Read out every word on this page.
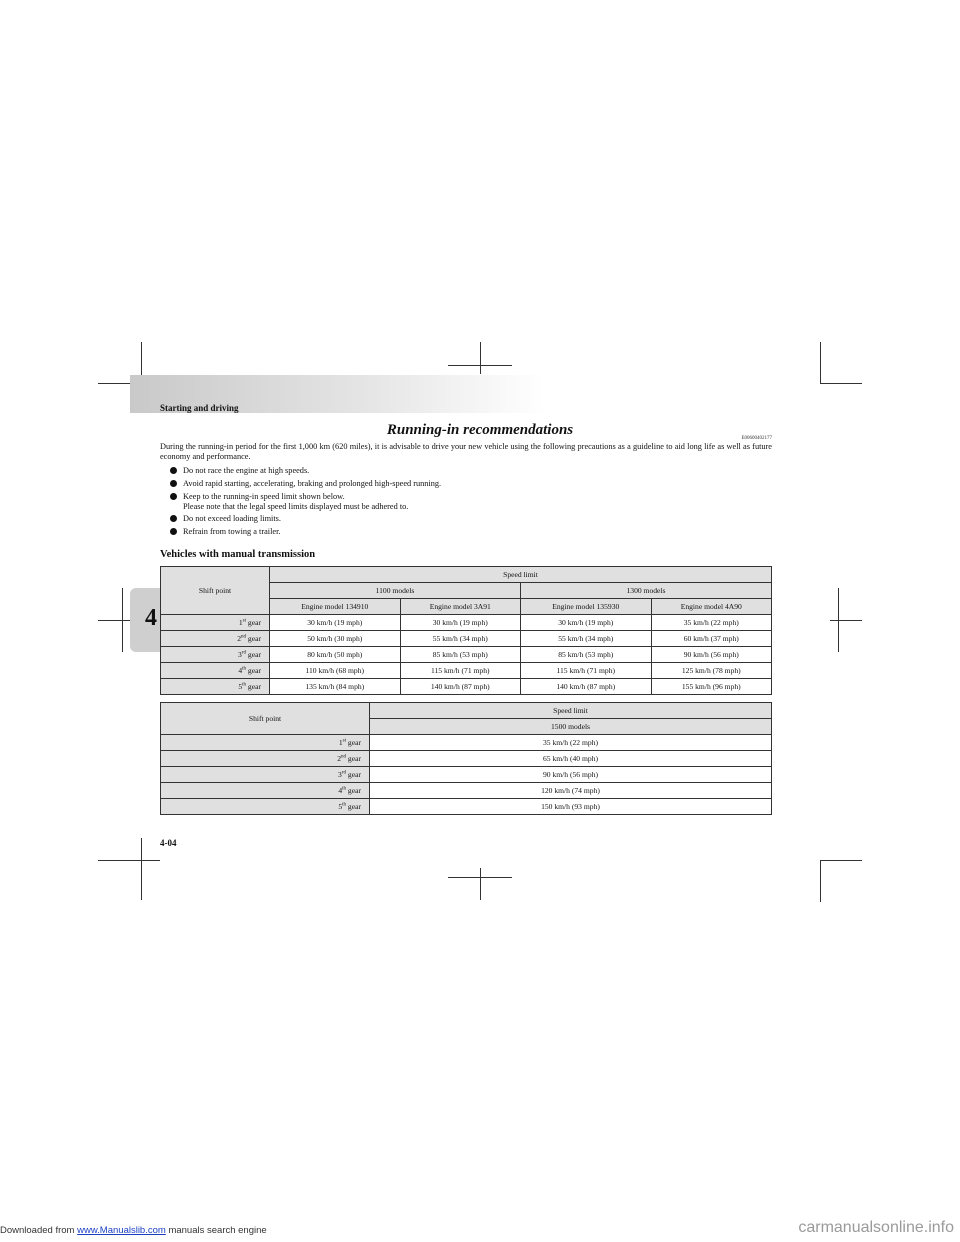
Starting and driving
4
Running-in recommendations
E00600402177
During the running-in period for the first 1,000 km (620 miles), it is advisable to drive your new vehicle using the following precautions as a guideline to aid long life as well as future economy and performance.
Do not race the engine at high speeds.
Avoid rapid starting, accelerating, braking and prolonged high-speed running.
Keep to the running-in speed limit shown below.
Please note that the legal speed limits displayed must be adhered to.
Do not exceed loading limits.
Refrain from towing a trailer.
Vehicles with manual transmission
Shift point	Speed limit			
	1100 models		1300 models	
	Engine model 134910	Engine model 3A91	Engine model 135930	Engine model 4A90
1st gear	30 km/h (19 mph)	30 km/h (19 mph)	30 km/h (19 mph)	35 km/h (22 mph)
2nd gear	50 km/h (30 mph)	55 km/h (34 mph)	55 km/h (34 mph)	60 km/h (37 mph)
3rd gear	80 km/h (50 mph)	85 km/h (53 mph)	85 km/h (53 mph)	90 km/h (56 mph)
4th gear	110 km/h (68 mph)	115 km/h (71 mph)	115 km/h (71 mph)	125 km/h (78 mph)
5th gear	135 km/h (84 mph)	140 km/h (87 mph)	140 km/h (87 mph)	155 km/h (96 mph)
Shift point	Speed limit
	1500 models
1st gear	35 km/h (22 mph)
2nd gear	65 km/h (40 mph)
3rd gear	90 km/h (56 mph)
4th gear	120 km/h (74 mph)
5th gear	150 km/h (93 mph)
4-04
Downloaded from www.Manualslib.com manuals search engine	carmanualsonline.info
